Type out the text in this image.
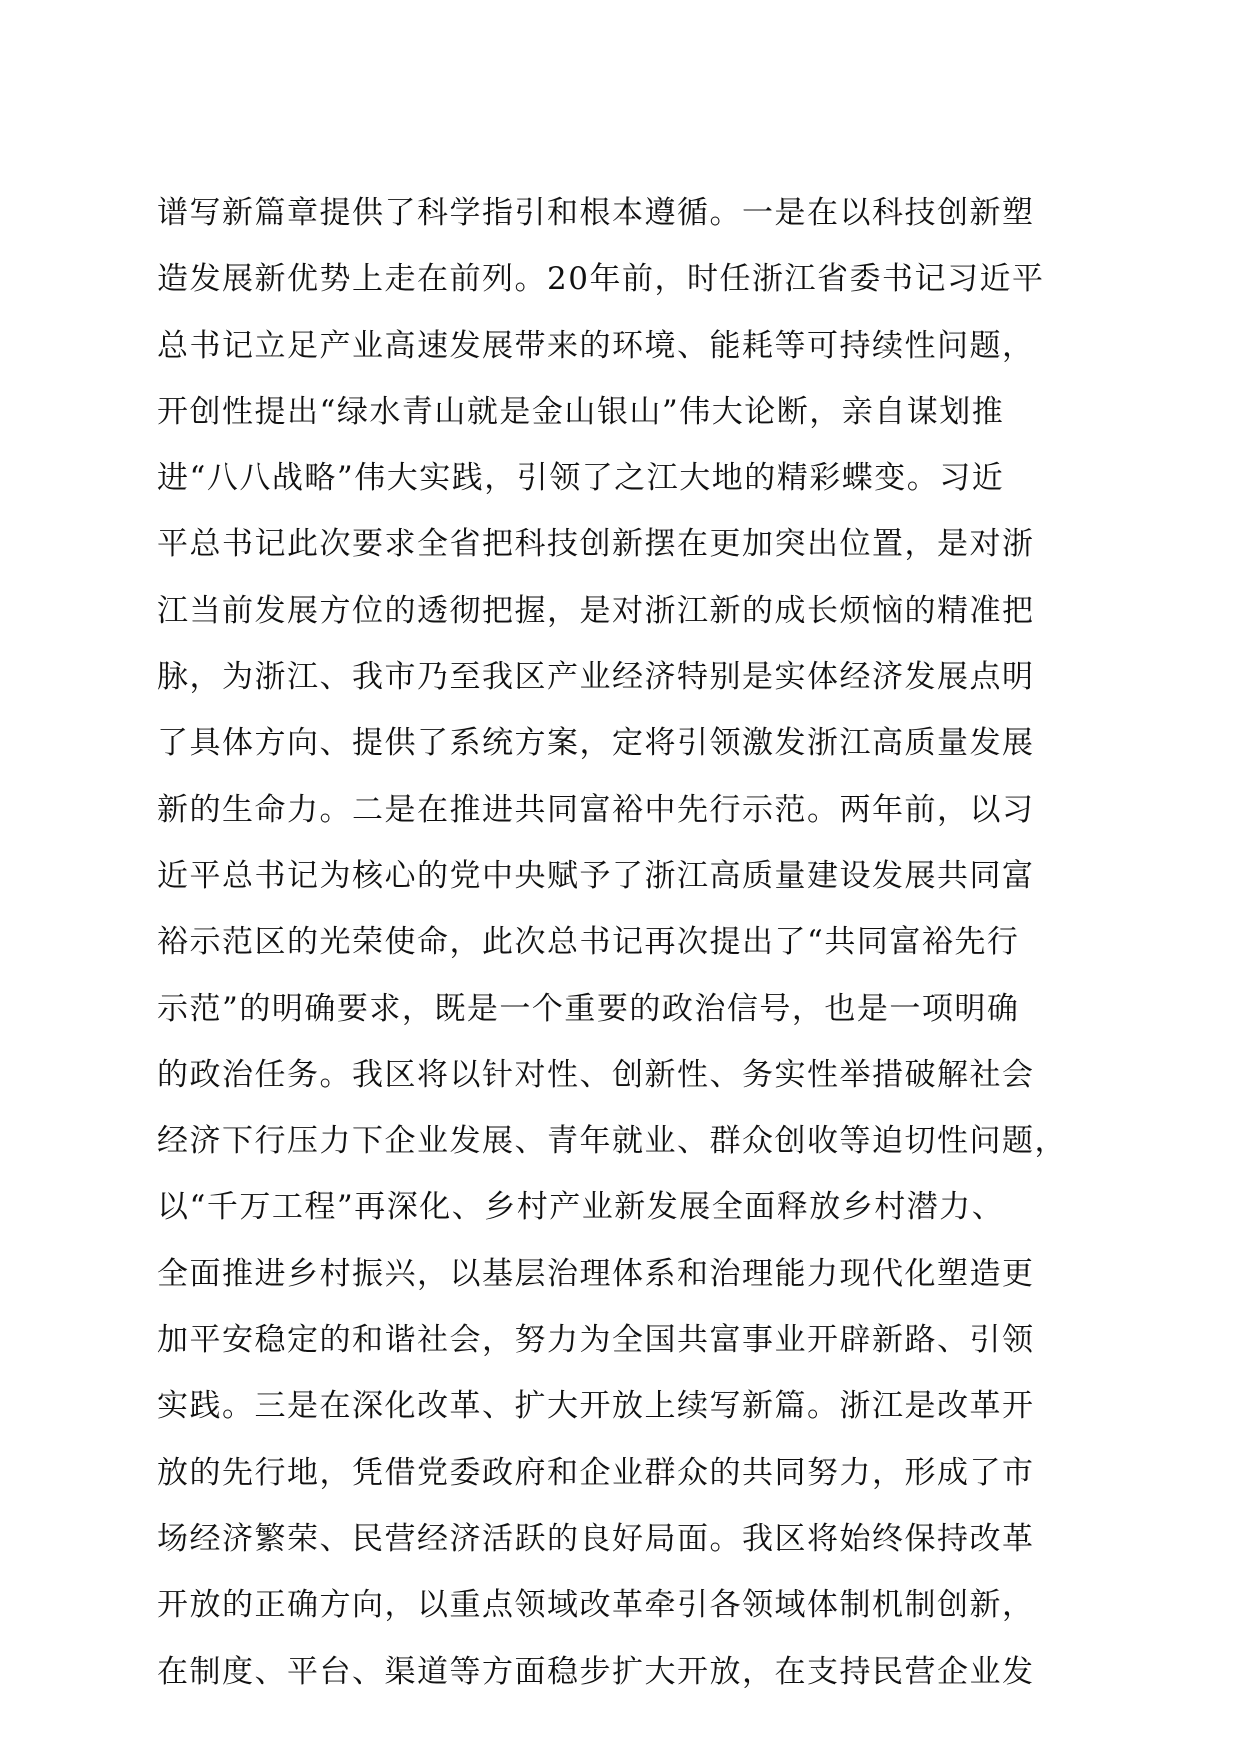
谱写新篇章提供了科学指引和根本遵循。一是在以科技创新塑
造发展新优势上走在前列。20年前，时任浙江省委书记习近平
总书记立足产业高速发展带来的环境、能耗等可持续性问题，
开创性提出“绿水青山就是金山银山”伟大论断，亲自谋划推
进“八八战略”伟大实践，引领了之江大地的精彩蝶变。习近
平总书记此次要求全省把科技创新摆在更加突出位置，是对浙
江当前发展方位的透彻把握，是对浙江新的成长烦恼的精准把
脉，为浙江、我市乃至我区产业经济特别是实体经济发展点明
了具体方向、提供了系统方案，定将引领激发浙江高质量发展
新的生命力。二是在推进共同富裕中先行示范。两年前，以习
近平总书记为核心的党中央赋予了浙江高质量建设发展共同富
裕示范区的光荣使命，此次总书记再次提出了“共同富裕先行
示范”的明确要求，既是一个重要的政治信号，也是一项明确
的政治任务。我区将以针对性、创新性、务实性举措破解社会
经济下行压力下企业发展、青年就业、群众创收等迫切性问题，
以“千万工程”再深化、乡村产业新发展全面释放乡村潜力、
全面推进乡村振兴，以基层治理体系和治理能力现代化塑造更
加平安稳定的和谐社会，努力为全国共富事业开辟新路、引领
实践。三是在深化改革、扩大开放上续写新篇。浙江是改革开
放的先行地，凭借党委政府和企业群众的共同努力，形成了市
场经济繁荣、民营经济活跃的良好局面。我区将始终保持改革
开放的正确方向，以重点领域改革牵引各领域体制机制创新，
在制度、平台、渠道等方面稳步扩大开放，在支持民营企业发
